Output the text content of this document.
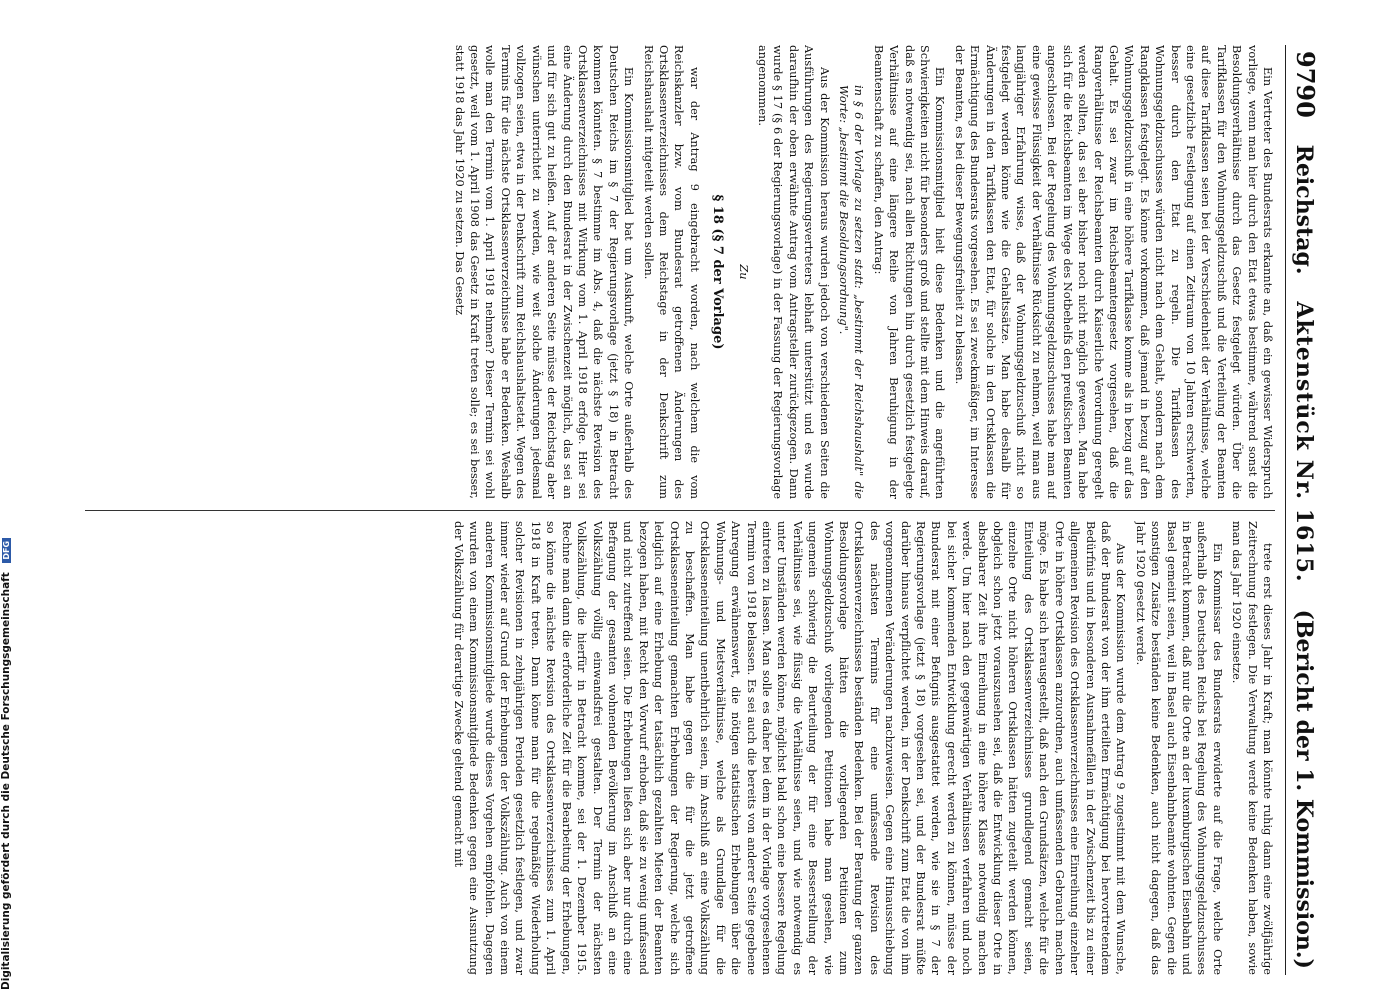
9790
Reichstag.
Aktenstück Nr. 1615.
(Bericht der 1. Kommission.)

Ein Vertreter des Bundesrats erkannte an, daß ein gewisser Widerspruch vorliege, wenn man hier durch den Etat etwas bestimme, während sonst die Besoldungsverhältnisse durch das Gesetz festgelegt würden. Über die Tarifklassen für den Wohnungsgeldzuschuß und die Verteilung der Beamten auf diese Tarifklassen seien bei der Verschiedenheit der Verhältnisse, welche eine gesetzliche Festlegung auf einen Zeitraum von 10 Jahren erschwerten, besser durch den Etat zu regeln. Die Tarifklassen des Wohnungsgeldzuschusses würden nicht nach dem Gehalt, sondern nach dem Rangklassen festgelegt. Es könne vorkommen, daß jemand in bezug auf den Wohnungsgeldzuschuß in eine höhere Tarifklasse komme als in bezug auf das Gehalt. Es sei zwar im Reichsbeamtengesetz vorgesehen, daß die Rangverhältnisse der Reichsbeamten durch Kaiserliche Verordnung geregelt werden sollten, das sei aber bisher noch nicht möglich gewesen. Man habe sich für die Reichsbeamten im Wege des Notbehelfs den preußischen Beamten angeschlossen. Bei der Regelung des Wohnungsgeldzuschusses habe man auf eine gewisse Flüssigkeit der Verhältnisse Rücksicht zu nehmen, weil man aus langjähriger Erfahrung wisse, daß der Wohnungsgeldzuschuß nicht so festgelegt werden könne wie die Gehaltssätze. Man habe deshalb für Änderungen in den Tarifklassen den Etat, für solche in den Ortsklassen die Ermächtigung des Bundesrats vorgesehen. Es sei zweckmäßiger, im Interesse der Beamten, es bei dieser Bewegungsfreiheit zu belassen.

Ein Kommissionsmitglied hielt diese Bedenken und die angeführten Schwierigkeiten nicht für besonders groß und stellte mit dem Hinweis darauf, daß es notwendig sei, nach allen Richtungen hin durch gesetzlich festgelegte Verhältnisse auf eine längere Reihe von Jahren Beruhigung in der Beamtenschaft zu schaffen, den Antrag:

in § 6 der Vorlage zu setzen statt: „bestimmt der Reichshaushalt" die Worte: „bestimmt die Besoldungsordnung".

Aus der Kommission heraus wurden jedoch von verschiedenen Seiten die Ausführungen des Regierungsvertreters lebhaft unterstützt und es wurde daraufhin der oben erwähnte Antrag vom Antragsteller zurückgezogen. Dann wurde § 17 (§ 6 der Regierungsvorlage) in der Fassung der Regierungsvorlage angenommen.

Zu

§ 18 (§ 7 der Vorlage)

war der Antrag 9 eingebracht worden, nach welchem die vom Reichskanzler bzw. vom Bundesrat getroffenen Änderungen des Ortsklassenverzeichnisses dem Reichstage in der Denkschrift zum Reichshaushalt mitgeteilt werden sollen.

Ein Kommissionsmitglied bat um Auskunft, welche Orte außerhalb des Deutschen Reichs im § 7 der Regierungsvorlage (jetzt § 18) in Betracht kommen könnten. § 7 bestimme im Abs. 4, daß die nächste Revision des Ortsklassenverzeichnisses mit Wirkung vom 1. April 1918 erfolge. Hier sei eine Änderung durch den Bundesrat in der Zwischenzeit möglich, das sei an und für sich gut zu heißen. Auf der anderen Seite müsse der Reichstag aber wünschen unterrichtet zu werden, wie weit solche Änderungen jedesmal vollzogen seien, etwa in der Denkschrift zum Reichshaushaltsetat. Wegen des Termins für die nächste Ortsklassenverzeichnisse habe er Bedenken. Weshalb wolle man den Termin vom 1. April 1918 nehmen? Dieser Termin sei wohl gesetzt, weil vom 1. April 1908 das Gesetz in Kraft treten solle; es sei besser, statt 1918 das Jahr 1920 zu setzen. Das Gesetz

trete erst dieses Jahr in Kraft; man könnte ruhig dann eine zwölfjährige Zeitrechnung festlegen. Die Verwaltung werde keine Bedenken haben, sowie man das Jahr 1920 einsetze.

Ein Kommissar des Bundesrats erwiderte auf die Frage, welche Orte außerhalb des Deutschen Reichs bei Regelung des Wohnungsgeldzuschusses in Betracht kommen, daß nur die Orte an der luxemburgischen Eisenbahn und Basel gemeint seien, weil in Basel auch Eisenbahnbeamte wohnten. Gegen die sonstigen Zusätze beständen keine Bedenken, auch nicht dagegen, daß das Jahr 1920 gesetzt werde.

Aus der Kommission wurde dem Antrag 9 zugestimmt mit dem Wunsche, daß der Bundesrat von der ihm erteilten Ermächtigung bei hervortretendem Bedürfnis und in besonderen Ausnahmefällen in der Zwischenzeit bis zu einer allgemeinen Revision des Ortsklassenverzeichnisses eine Einreihung einzelner Orte in höhere Ortsklassen anzuordnen, auch umfassenden Gebrauch machen möge. Es habe sich herausgestellt, daß nach den Grundsätzen, welche für die Einteilung des Ortsklassenverzeichnisses grundlegend gemacht seien, einzelne Orte nicht höheren Ortsklassen hätten zugeteilt werden können, obgleich schon jetzt vorauszusehen sei, daß die Entwicklung dieser Orte in absehbarer Zeit ihre Einreihung in eine höhere Klasse notwendig machen werde. Um hier nach den gegenwärtigen Verhältnissen verfahren und noch bei sicher kommenden Entwicklung gerecht werden zu können, müsse der Bundesrat mit einer Befugnis ausgestattet werden, wie sie in § 7 der Regierungsvorlage (jetzt § 18) vorgesehen sei, und der Bundesrat müßte darüber hinaus verpflichtet werden, in der Denkschrift zum Etat die von ihm vorgenommenen Veränderungen nachzuweisen. Gegen eine Hinausschiebung des nächsten Termins für eine umfassende Revision des Ortsklassenverzeichnisses beständen Bedenken. Bei der Beratung der ganzen Besoldungsvorlage hätten die vorliegenden Petitionen zum Wohnungsgeldzuschuß vorliegenden Petitionen habe man gesehen, wie ungemein schwierig die Beurteilung der für eine Besserstellung der Verhältnisse sei, wie flüssig die Verhältnisse seien, und wie notwendig es unter Umständen werden könne, möglichst bald schon eine bessere Regelung eintreten zu lassen. Man solle es daher bei dem in der Vorlage vorgesehenen Termin von 1918 belassen. Es sei auch die bereits von anderer Seite gegebene Anregung erwähnenswert, die nötigen statistischen Erhebungen über die Wohnungs- und Mietsverhältnisse, welche als Grundlage für die Ortsklasseneinteilung unentbehrlich seien, im Anschluß an eine Volkszählung zu beschaffen. Man habe gegen die für die jetzt getroffene Ortsklasseneinteilung gemachten Erhebungen der Regierung, welche sich lediglich auf eine Erhebung der tatsächlich gezahlten Mieten der Beamten bezogen haben, mit Recht den Vorwurf erhoben, daß sie zu wenig umfassend und nicht zutreffend seien. Die Erhebungen ließen sich aber nur durch eine Befragung der gesamten wohnenden Bevölkerung im Anschluß an eine Volkszählung völlig einwandsfrei gestalten. Der Termin der nächsten Volkszählung, die hierfür in Betracht komme, sei der 1. Dezember 1915. Rechne man dann die erforderliche Zeit für die Bearbeitung der Erhebungen, so könne die nächste Revision des Ortsklassenverzeichnisses zum 1. April 1918 in Kraft treten. Dann könne man für die regelmäßige Wiederholung solcher Revisionen in zehnjährigen Perioden gesetzlich festlegen, und zwar immer wieder auf Grund der Erhebungen der Volkszählung. Auch von einem anderen Kommissionsmitgliede wurde dieses Vorgehen empfohlen. Dagegen wurden von einem Kommissionsmitgliede Bedenken gegen eine Ausnutzung der Volkszählung für derartige Zwecke geltend gemacht mit

Digitalisierung gefördert durch die Deutsche Forschungsgemeinschaft DFG
